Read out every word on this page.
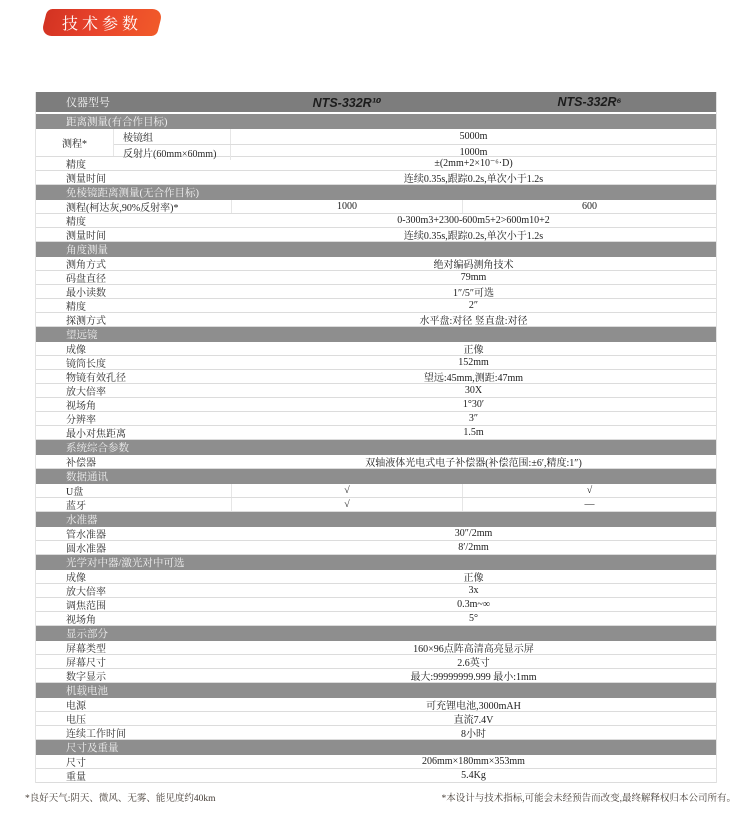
技术参数
仪器型号	NTS-332R¹⁰	NTS-332R⁶
距离测量(有合作目标)
测程*
棱镜组	5000m
反射片(60mm×60mm)	1000m
精度	±(2mm+2×10⁻⁶·D)
测量时间	连续0.35s,跟踪0.2s,单次小于1.2s
免棱镜距离测量(无合作目标)
测程(柯达灰,90%反射率)*	1000	600
精度	0-300m3+2300-600m5+2>600m10+2
测量时间	连续0.35s,跟踪0.2s,单次小于1.2s
角度测量
测角方式	绝对编码测角技术
码盘直径	79mm
最小读数	1″/5″可选
精度	2″
探测方式	水平盘:对径 竖直盘:对径
望远镜
成像	正像
镜筒长度	152mm
物镜有效孔径	望远:45mm,测距:47mm
放大倍率	30X
视场角	1°30′
分辨率	3″
最小对焦距离	1.5m
系统综合参数
补偿器	双轴液体光电式电子补偿器(补偿范围:±6′,精度:1″)
数据通讯
U盘	√	√
蓝牙	√	—
水准器
管水准器	30″/2mm
圆水准器	8′/2mm
光学对中器/激光对中可选
成像	正像
放大倍率	3x
调焦范围	0.3m~∞
视场角	5°
显示部分
屏幕类型	160×96点阵高清高亮显示屏
屏幕尺寸	2.6英寸
数字显示	最大:99999999.999 最小:1mm
机载电池
电源	可充锂电池,3000mAH
电压	直流7.4V
连续工作时间	8小时
尺寸及重量
尺寸	206mm×180mm×353mm
重量	5.4Kg
*良好天气:阴天、微风、无雾、能见度约40km	*本设计与技术指标,可能会未经预告而改变,最终解释权归本公司所有。
